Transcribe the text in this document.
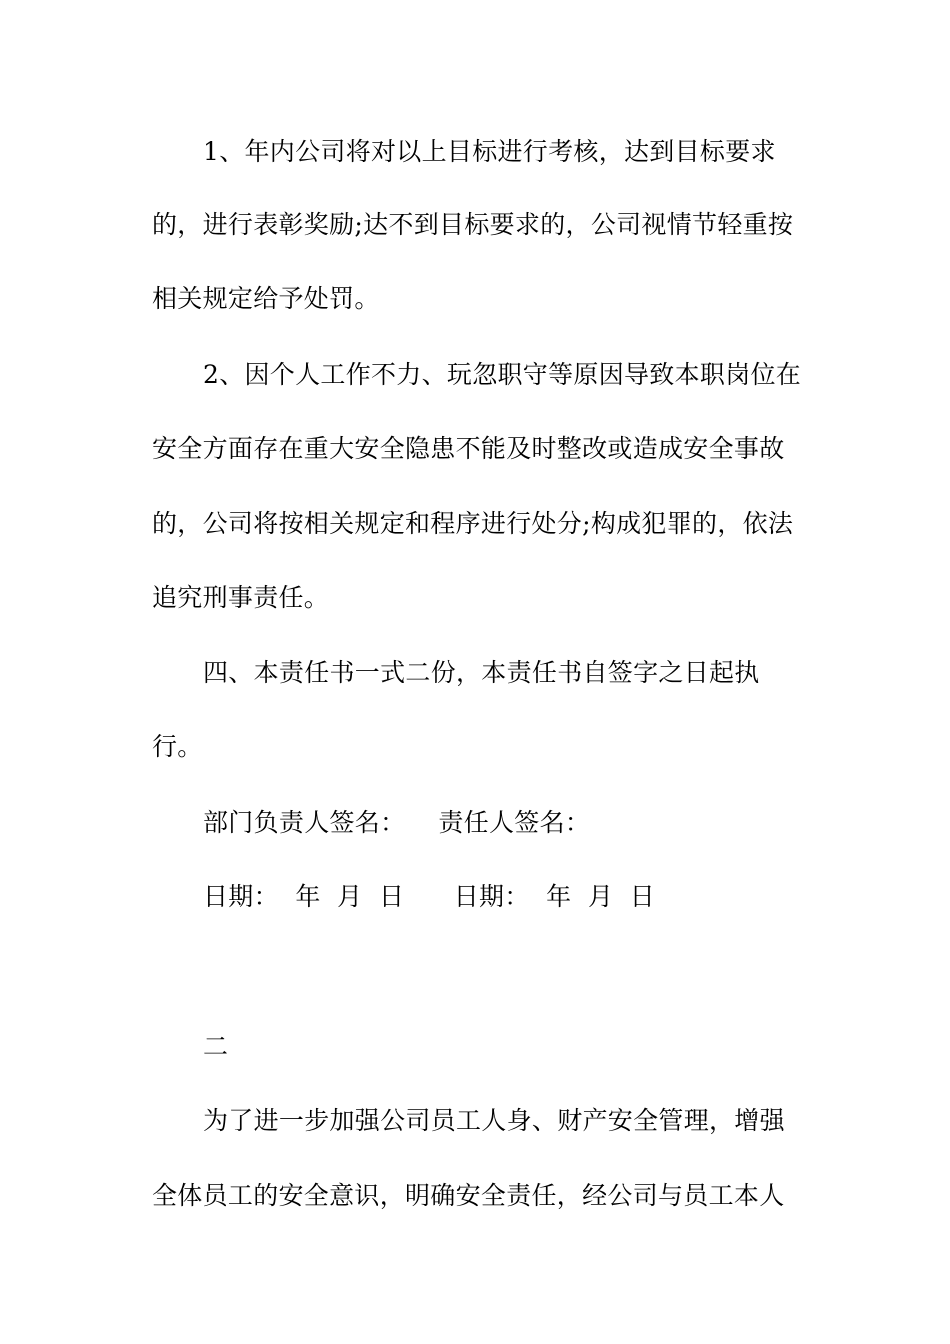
1、年内公司将对以上目标进行考核，达到目标要求
的，进行表彰奖励;达不到目标要求的，公司视情节轻重按
相关规定给予处罚。
2、因个人工作不力、玩忽职守等原因导致本职岗位在
安全方面存在重大安全隐患不能及时整改或造成安全事故
的，公司将按相关规定和程序进行处分;构成犯罪的，依法
追究刑事责任。
四、本责任书一式二份，本责任书自签字之日起执
行。
部门负责人签名：    责任人签名：
日期：  年  月  日      日期：  年  月  日
二
为了进一步加强公司员工人身、财产安全管理，增强
全体员工的安全意识，明确安全责任，经公司与员工本人
